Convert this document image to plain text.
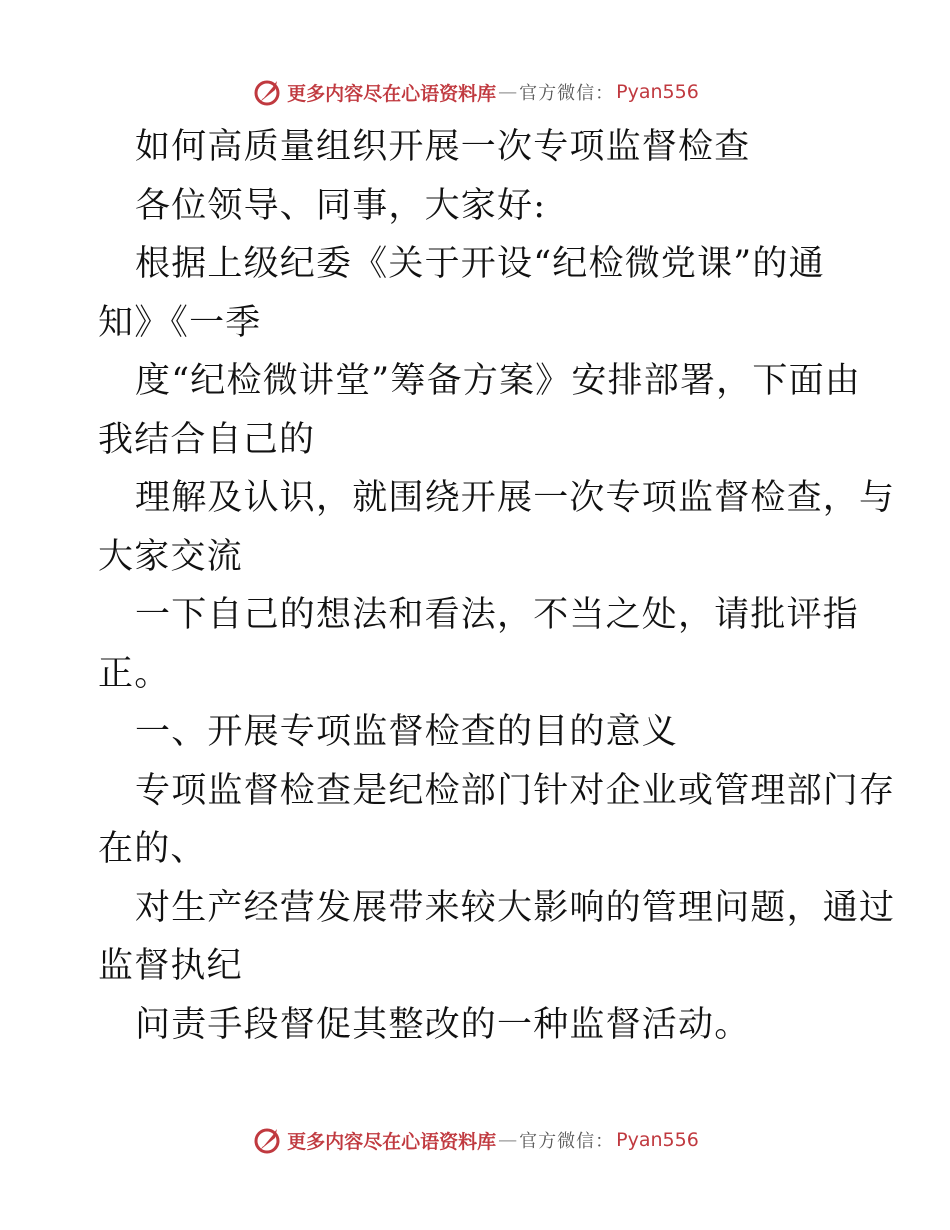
更多内容尽在心语资料库 — 官方微信： Pyan556
如何高质量组织开展一次专项监督检查
各位领导、同事，大家好:
根据上级纪委《关于开设“纪检微党课”的通
知》《一季
度“纪检微讲堂”筹备方案》安排部署，下面由
我结合自己的
理解及认识，就围绕开展一次专项监督检查，与
大家交流
一下自己的想法和看法，不当之处，请批评指
正。
一、开展专项监督检查的目的意义
专项监督检查是纪检部门针对企业或管理部门存
在的、
对生产经营发展带来较大影响的管理问题，通过
监督执纪
问责手段督促其整改的一种监督活动。
更多内容尽在心语资料库 — 官方微信： Pyan556
